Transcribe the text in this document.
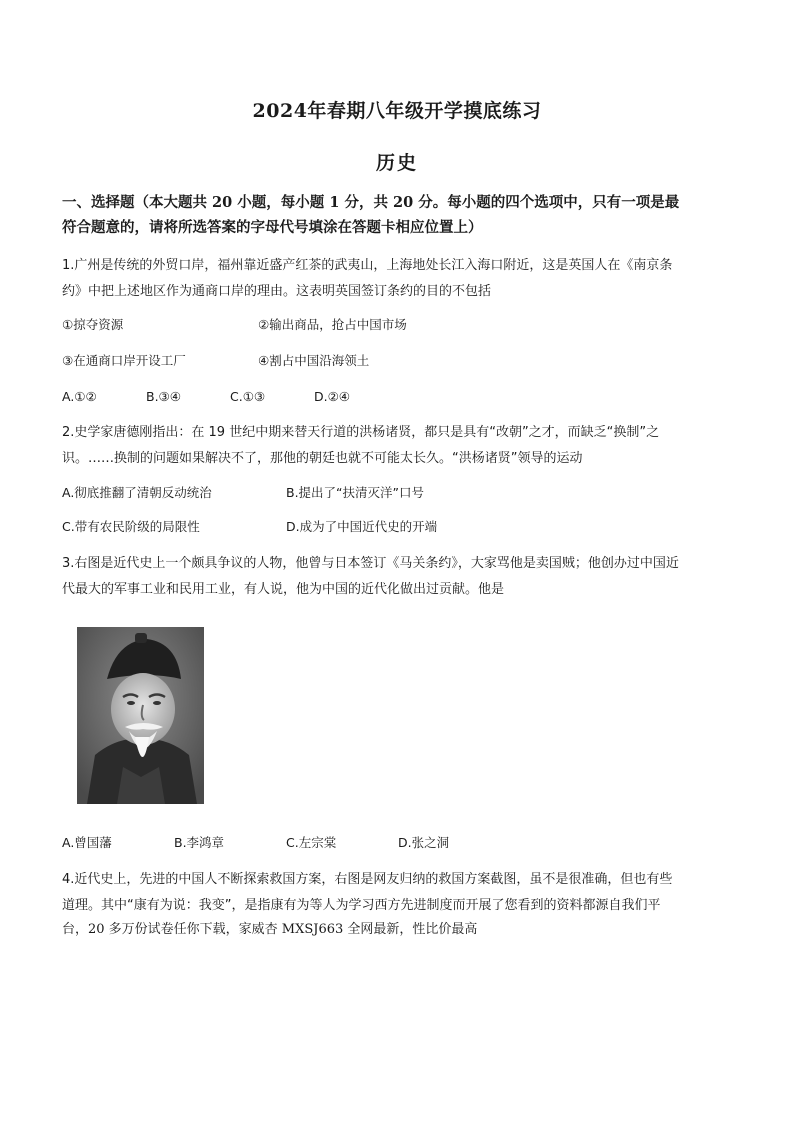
2024年春期八年级开学摸底练习
历史
一、选择题（本大题共 20 小题，每小题 1 分，共 20 分。每小题的四个选项中，只有一项是最
符合题意的，请将所选答案的字母代号填涂在答题卡相应位置上）
1.广州是传统的外贸口岸，福州靠近盛产红茶的武夷山，上海地处长江入海口附近，这是英国人在《南京条
约》中把上述地区作为通商口岸的理由。这表明英国签订条约的目的不包括
①掠夺资源	②输出商品，抢占中国市场
③在通商口岸开设工厂	④割占中国沿海领土
A.①②	B.③④	C.①③	D.②④
2.史学家唐德刚指出：在 19 世纪中期来替天行道的洪杨诸贤，都只是具有“改朝”之才，而缺乏“换制”之
识。……换制的问题如果解决不了，那他的朝廷也就不可能太长久。“洪杨诸贤”领导的运动
A.彻底推翻了清朝反动统治	B.提出了“扶清灭洋”口号
C.带有农民阶级的局限性	D.成为了中国近代史的开端
3.右图是近代史上一个颇具争议的人物，他曾与日本签订《马关条约》，大家骂他是卖国贼；他创办过中国近
代最大的军事工业和民用工业，有人说，他为中国的近代化做出过贡献。他是
A.曾国藩	B.李鸿章	C.左宗棠	D.张之洞
4.近代史上，先进的中国人不断探索救国方案，右图是网友归纳的救国方案截图，虽不是很准确，但也有些
道理。其中“康有为说：我变”，是指康有为等人为学习西方先进制度而开展了您看到的资料都源自我们平
台，20 多万份试卷任你下载，家威杏 MXSJ663 全网最新，性比价最高
